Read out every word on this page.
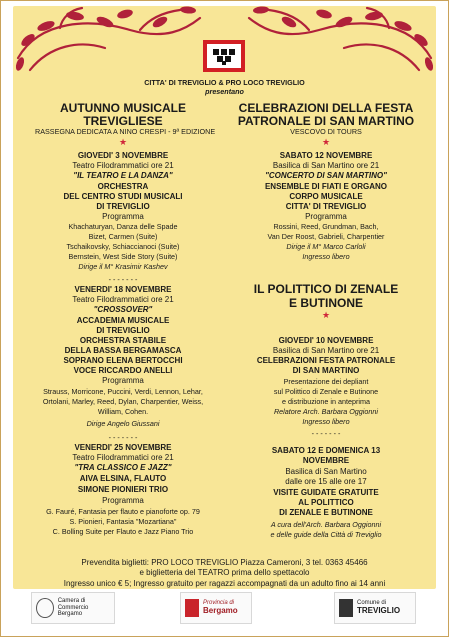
CITTA' DI TREVIGLIO & PRO LOCO TREVIGLIO
presentano
AUTUNNO MUSICALE
TREVIGLIESE
RASSEGNA DEDICATA A NINO CRESPI - 9ª EDIZIONE
★
GIOVEDI' 3 NOVEMBRE
Teatro Filodrammatici ore 21
"IL TEATRO E LA DANZA"
ORCHESTRA
DEL CENTRO STUDI MUSICALI
DI TREVIGLIO
Programma
Khachaturyan, Danza delle Spade
Bizet, Carmen (Suite)
Tschaikovsky, Schiaccianoci (Suite)
Bernstein, West Side Story (Suite)
Dirige il M° Krasimir Kashev
- - - - - - -
VENERDI' 18 NOVEMBRE
Teatro Filodrammatici ore 21
"CROSSOVER"
ACCADEMIA MUSICALE
DI TREVIGLIO
ORCHESTRA STABILE
DELLA BASSA BERGAMASCA
SOPRANO ELENA BERTOCCHI
VOCE RICCARDO ANELLI
Programma
Strauss, Morricone, Puccini, Verdi, Lennon, Lehar,
Ortolani, Marley, Reed, Dylan, Charpentier, Weiss,
William, Cohen.
Dirige Angelo Giussani
- - - - - - -
VENERDI' 25 NOVEMBRE
Teatro Filodrammatici ore 21
"TRA CLASSICO E JAZZ"
AIVA ELSINA, FLAUTO
SIMONE PIONIERI TRIO
Programma
G. Fauré, Fantasia per flauto e pianoforte op. 79
S. Pionieri, Fantasia "Mozartiana"
C. Bolling Suite per Flauto e Jazz Piano Trio
CELEBRAZIONI DELLA FESTA
PATRONALE DI SAN MARTINO
VESCOVO DI TOURS
★
SABATO 12 NOVEMBRE
Basilica di San Martino ore 21
"CONCERTO DI SAN MARTINO"
ENSEMBLE DI FIATI E ORGANO
CORPO MUSICALE
CITTA' DI TREVIGLIO
Programma
Rossini, Reed, Grundman, Bach,
Van Der Roost, Gabrieli, Charpentier
Dirige il M° Marco Carloli
Ingresso libero
IL POLITTICO DI ZENALE
E BUTINONE
★
GIOVEDI' 10 NOVEMBRE
Basilica di San Martino ore 21
CELEBRAZIONI FESTA PATRONALE
DI SAN MARTINO
Presentazione dei depliant
sul Polittico di Zenale e Butinone
e distribuzione in anteprima
Relatore Arch. Barbara Oggionni
Ingresso libero
- - - - - - -
SABATO 12 E DOMENICA 13
NOVEMBRE
Basilica di San Martino
dalle ore 15 alle ore 17
VISITE GUIDATE GRATUITE
AL POLITTICO
DI ZENALE E BUTINONE
A cura dell'Arch. Barbara Oggionni
e delle guide della Città di Treviglio
Prevendita biglietti: PRO LOCO TREVIGLIO Piazza Cameroni, 3 tel. 0363 45466
e biglietteria del TEATRO prima dello spettacolo
Ingresso unico € 5; Ingresso gratuito per ragazzi accompagnati da un adulto fino ai 14 anni
Camera di Commercio
Bergamo
Provincia di
Bergamo
Comune di
TREVIGLIO
